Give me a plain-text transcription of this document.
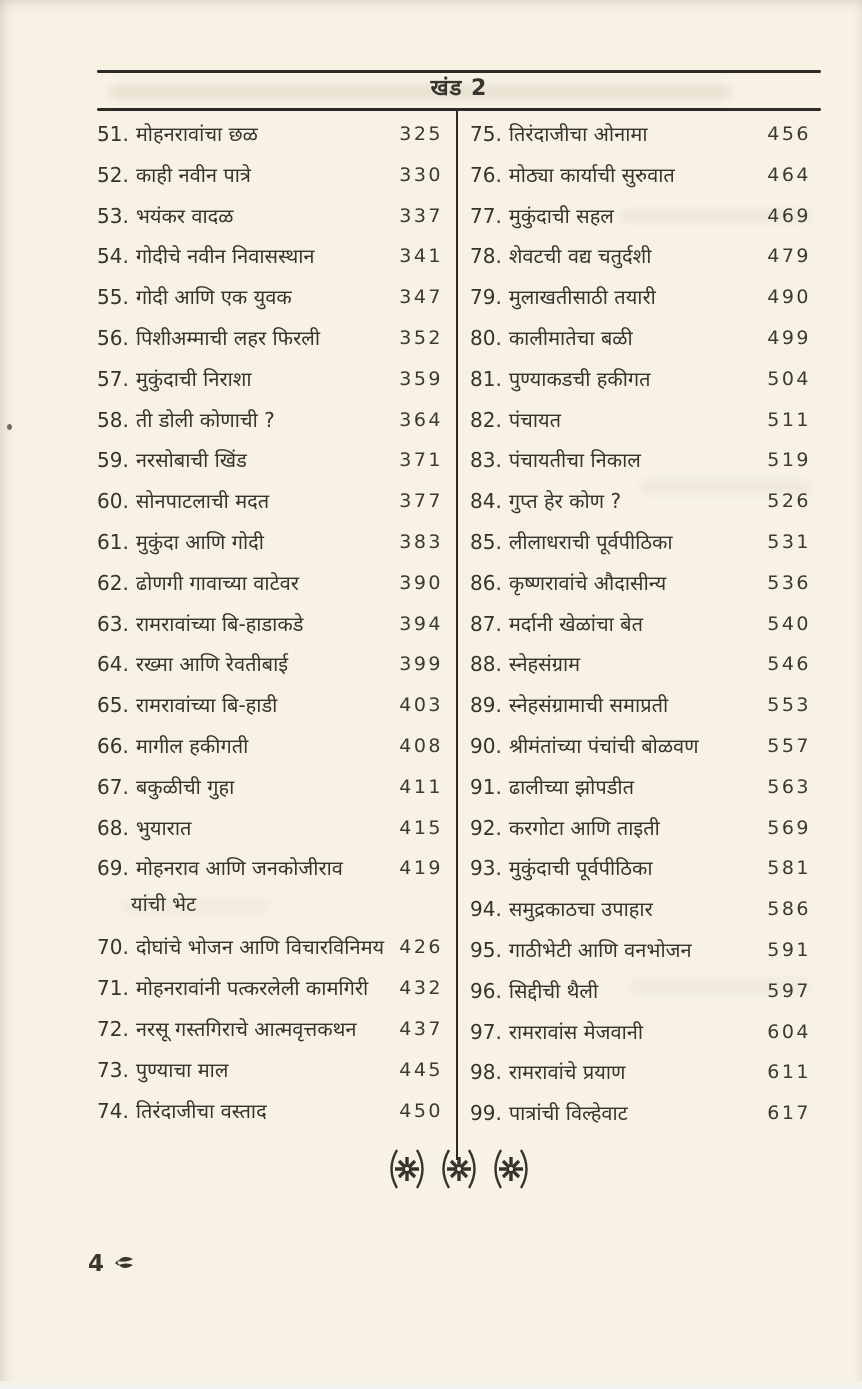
खंड 2
51. मोहनरावांचा छळ	325
52. काही नवीन पात्रे	330
53. भयंकर वादळ	337
54. गोदीचे नवीन निवासस्थान	341
55. गोदी आणि एक युवक	347
56. पिशीअम्माची लहर फिरली	352
57. मुकुंदाची निराशा	359
58. ती डोली कोणाची ?	364
59. नरसोबाची खिंड	371
60. सोनपाटलाची मदत	377
61. मुकुंदा आणि गोदी	383
62. ढोणगी गावाच्या वाटेवर	390
63. रामरावांच्या बि-हाडाकडे	394
64. रख्मा आणि रेवतीबाई	399
65. रामरावांच्या बि-हाडी	403
66. मागील हकीगती	408
67. बकुळीची गुहा	411
68. भुयारात	415
69. मोहनराव आणि जनकोजीराव
यांची भेट
419
70. दोघांचे भोजन आणि विचारविनिमय 426
71. मोहनरावांनी पत्करलेली कामगिरी 432
72. नरसू गस्तगिराचे आत्मवृत्तकथन 437
73. पुण्याचा माल	445
74. तिरंदाजीचा वस्ताद	450
75. तिरंदाजीचा ओनामा	456
76. मोठ्या कार्याची सुरुवात	464
77. मुकुंदाची सहल	469
78. शेवटची वद्य चतुर्दशी	479
79. मुलाखतीसाठी तयारी	490
80. कालीमातेचा बळी	499
81. पुण्याकडची हकीगत	504
82. पंचायत	511
83. पंचायतीचा निकाल	519
84. गुप्त हेर कोण ?	526
85. लीलाधराची पूर्वपीठिका	531
86. कृष्णरावांचे औदासीन्य	536
87. मर्दानी खेळांचा बेत	540
88. स्नेहसंग्राम	546
89. स्नेहसंग्रामाची समाप्रती	553
90. श्रीमंतांच्या पंचांची बोळवण	557
91. ढालीच्या झोपडीत	563
92. करगोटा आणि ताइती	569
93. मुकुंदाची पूर्वपीठिका	581
94. समुद्रकाठचा उपाहार	586
95. गाठीभेटी आणि वनभोजन	591
96. सिद्दीची थैली	597
97. रामरावांस मेजवानी	604
98. रामरावांचे प्रयाण	611
99. पात्रांची विल्हेवाट	617

4
